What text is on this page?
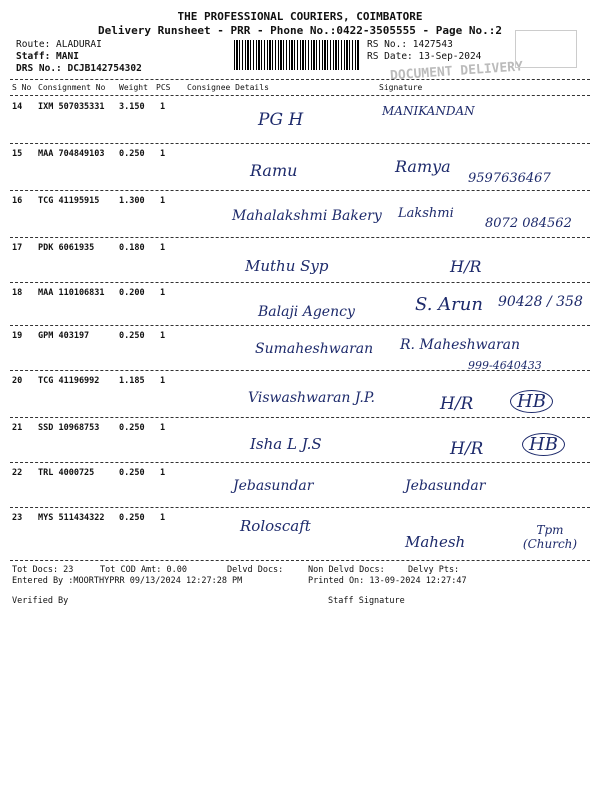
THE PROFESSIONAL COURIERS, COIMBATORE
Delivery Runsheet - PRR - Phone No.:0422-3505555 - Page No.:2
Route: ALADURAI
Staff: MANI
DRS No.: DCJB142754302
RS No.: 1427543
RS Date: 13-Sep-2024
DOCUMENT DELIVERY
S No Consignment No Weight PCS Consignee Details	Signature
14 IXM 507035331 3.150 1
PG H	MANIKANDAN
15 MAA 704849103 0.250 1
Ramu	Ramya
9597636467
16 TCG 41195915 1.300 1
Mahalakshmi Bakery Lakshmi
8072 084562
17 PDK 6061935	0.180 1
Muthu Syp	H/R
18 MAA 110106831 0.200 1
Balaji Agency	S. Arun 90428 / 358
19 GPM 403197	0.250 1
Sumaheshwaran R. Maheshwaran
999-4640433
20 TCG 41196992 1.185 1
Viswashwaran J.P.	H/R	HB
21 SSD 10968753 0.250 1
Isha L J.S	H/R	HB
22 TRL 4000725	0.250 1
Jebasundar	Jebasundar
23 MYS 511434322 0.250 1	Roloscaft
Mahesh
Tpm (Church)
Tot Docs: 23	Tot COD Amt: 0.00	Delvd Docs:	Non Delvd Docs:	Delvy Pts:
Entered By :MOORTHYPRR 09/13/2024 12:27:28 PM	Printed On: 13-09-2024 12:27:47
Verified By	Staff Signature
